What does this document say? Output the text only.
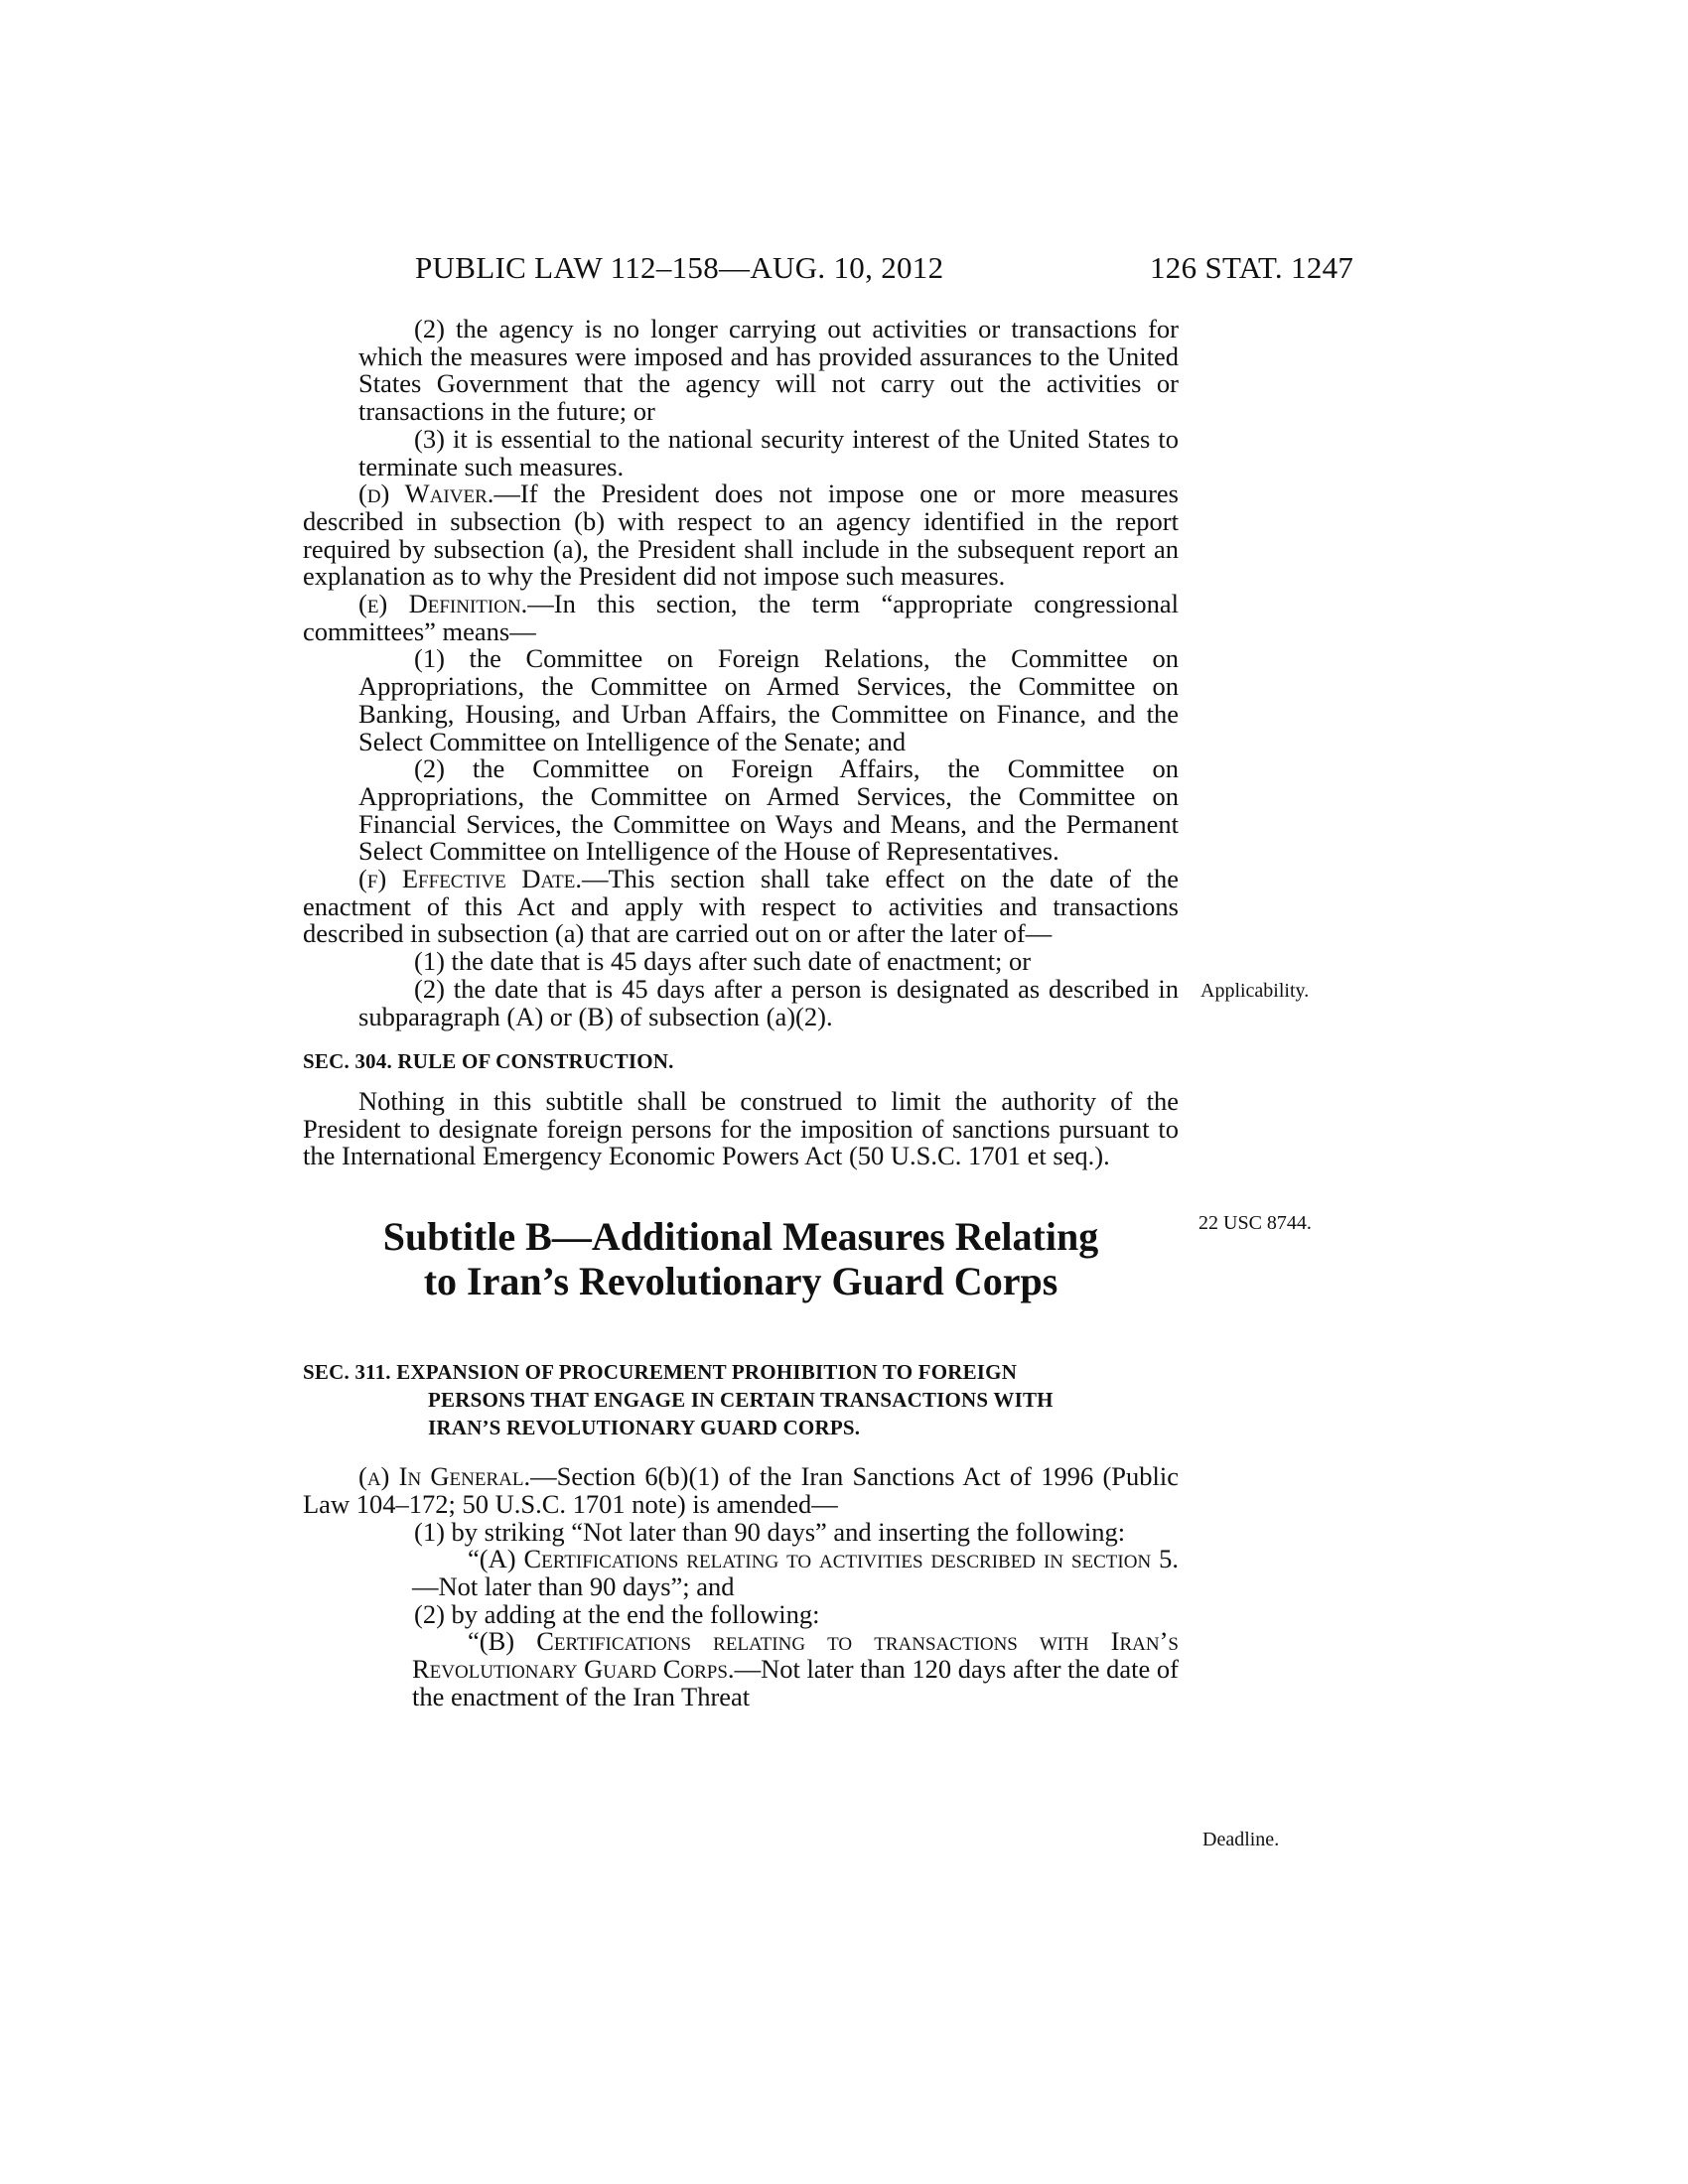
PUBLIC LAW 112–158—AUG. 10, 2012	126 STAT. 1247

(2) the agency is no longer carrying out activities or transactions for which the measures were imposed and has provided assurances to the United States Government that the agency will not carry out the activities or transactions in the future; or

(3) it is essential to the national security interest of the United States to terminate such measures.

(d) Waiver.—If the President does not impose one or more measures described in subsection (b) with respect to an agency identified in the report required by subsection (a), the President shall include in the subsequent report an explanation as to why the President did not impose such measures.

(e) Definition.—In this section, the term “appropriate congressional committees” means—

(1) the Committee on Foreign Relations, the Committee on Appropriations, the Committee on Armed Services, the Committee on Banking, Housing, and Urban Affairs, the Committee on Finance, and the Select Committee on Intelligence of the Senate; and

(2) the Committee on Foreign Affairs, the Committee on Appropriations, the Committee on Armed Services, the Committee on Financial Services, the Committee on Ways and Means, and the Permanent Select Committee on Intelligence of the House of Representatives.

(f) Effective Date.—This section shall take effect on the date of the enactment of this Act and apply with respect to activities and transactions described in subsection (a) that are carried out on or after the later of—

(1) the date that is 45 days after such date of enactment; or

(2) the date that is 45 days after a person is designated as described in subparagraph (A) or (B) of subsection (a)(2).

SEC. 304. RULE OF CONSTRUCTION.

Nothing in this subtitle shall be construed to limit the authority of the President to designate foreign persons for the imposition of sanctions pursuant to the International Emergency Economic Powers Act (50 U.S.C. 1701 et seq.).

Subtitle B—Additional Measures Relating
to Iran’s Revolutionary Guard Corps

SEC. 311. EXPANSION OF PROCUREMENT PROHIBITION TO FOREIGN

PERSONS THAT ENGAGE IN CERTAIN TRANSACTIONS WITH

IRAN’S REVOLUTIONARY GUARD CORPS.

(a) In General.—Section 6(b)(1) of the Iran Sanctions Act of 1996 (Public Law 104–172; 50 U.S.C. 1701 note) is amended—

(1) by striking “Not later than 90 days” and inserting the following:

“(A) Certifications relating to activities described in section 5.—Not later than 90 days”; and

(2) by adding at the end the following:

“(B) Certifications relating to transactions with Iran’s Revolutionary Guard Corps.—Not later than 120 days after the date of the enactment of the Iran Threat

Applicability.
22 USC 8744.
Deadline.
